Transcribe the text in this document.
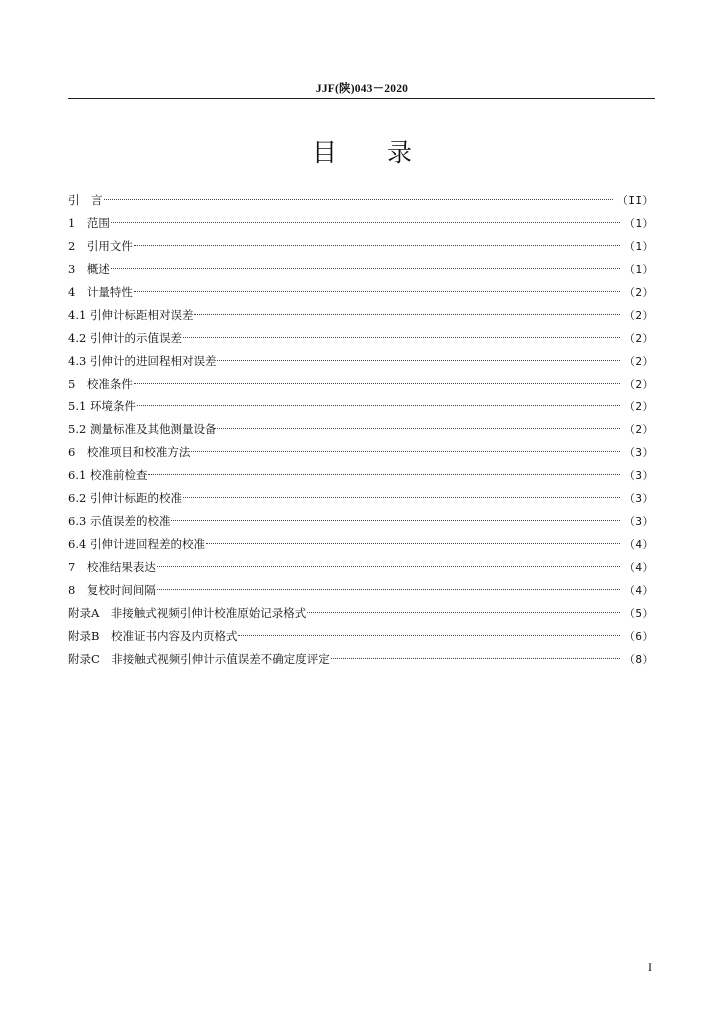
JJF(陕)043－2020
目录
引　言	（II）
1　范围	（1）
2　引用文件	（1）
3　概述	（1）
4　计量特性	（2）
4.1 引伸计标距相对误差	（2）
4.2 引伸计的示值误差	（2）
4.3 引伸计的进回程相对误差	（2）
5　校准条件	（2）
5.1 环境条件	（2）
5.2 测量标准及其他测量设备	（2）
6　校准项目和校准方法	（3）
6.1 校准前检查	（3）
6.2 引伸计标距的校准	（3）
6.3 示值误差的校准	（3）
6.4 引伸计进回程差的校准	（4）
7　校准结果表达	（4）
8　复校时间间隔	（4）
附录A　非接触式视频引伸计校准原始记录格式	（5）
附录B　校准证书内容及内页格式	（6）
附录C　非接触式视频引伸计示值误差不确定度评定	（8）
I
